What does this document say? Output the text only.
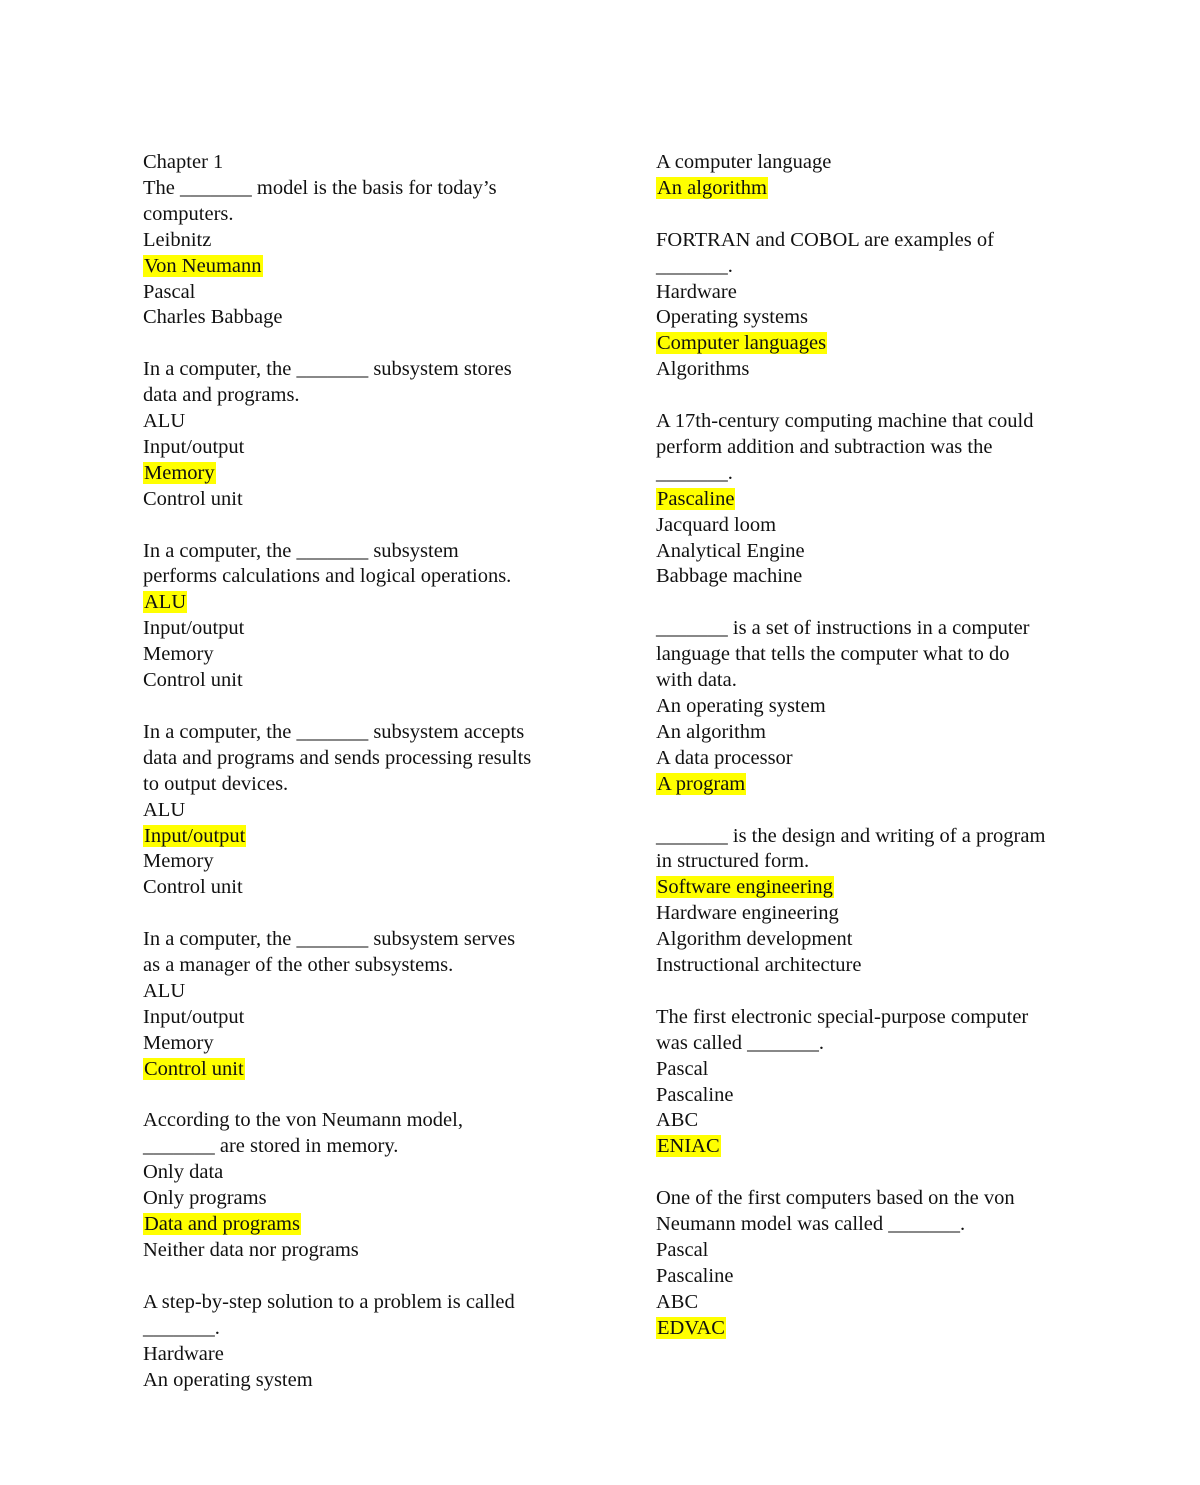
Chapter 1
The _______ model is the basis for today’s
computers.
Leibnitz
Von Neumann
Pascal
Charles Babbage
In a computer, the _______ subsystem stores
data and programs.
ALU
Input/output
Memory
Control unit
In a computer, the _______ subsystem
performs calculations and logical operations.
ALU
Input/output
Memory
Control unit
In a computer, the _______ subsystem accepts
data and programs and sends processing results
to output devices.
ALU
Input/output
Memory
Control unit
In a computer, the _______ subsystem serves
as a manager of the other subsystems.
ALU
Input/output
Memory
Control unit
According to the von Neumann model,
_______ are stored in memory.
Only data
Only programs
Data and programs
Neither data nor programs
A step-by-step solution to a problem is called
_______.
Hardware
An operating system
A computer language
An algorithm
FORTRAN and COBOL are examples of
_______.
Hardware
Operating systems
Computer languages
Algorithms
A 17th-century computing machine that could
perform addition and subtraction was the
_______.
Pascaline
Jacquard loom
Analytical Engine
Babbage machine
_______ is a set of instructions in a computer
language that tells the computer what to do
with data.
An operating system
An algorithm
A data processor
A program
_______ is the design and writing of a program
in structured form.
Software engineering
Hardware engineering
Algorithm development
Instructional architecture
The first electronic special-purpose computer
was called _______.
Pascal
Pascaline
ABC
ENIAC
One of the first computers based on the von
Neumann model was called _______.
Pascal
Pascaline
ABC
EDVAC
